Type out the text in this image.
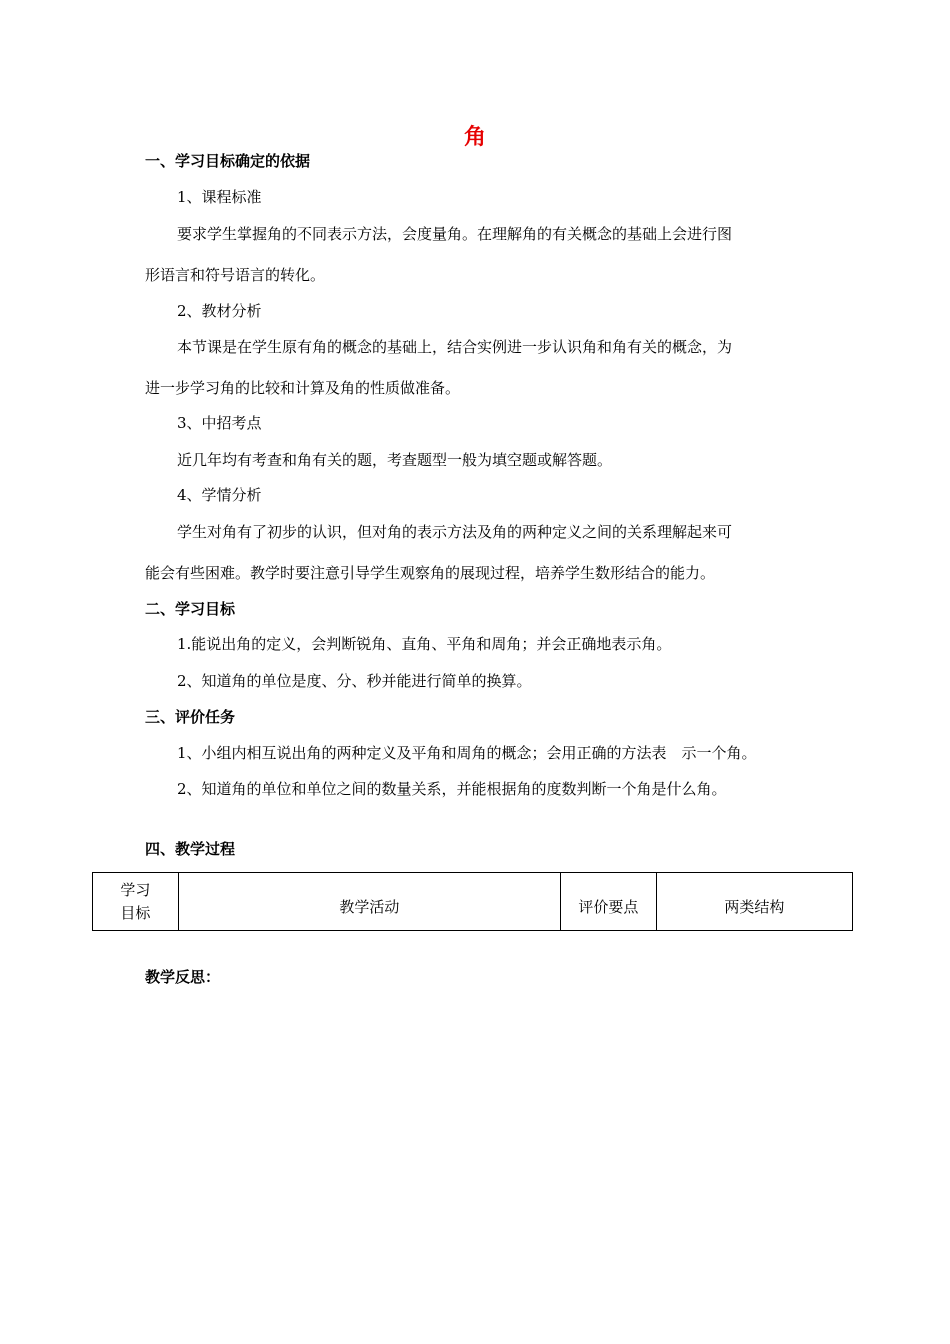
角
一、学习目标确定的依据
1、课程标准
要求学生掌握角的不同表示方法，会度量角。在理解角的有关概念的基础上会进行图
形语言和符号语言的转化。
2、教材分析
本节课是在学生原有角的概念的基础上，结合实例进一步认识角和角有关的概念，为
进一步学习角的比较和计算及角的性质做准备。
3、中招考点
近几年均有考查和角有关的题，考查题型一般为填空题或解答题。
4、学情分析
学生对角有了初步的认识，但对角的表示方法及角的两种定义之间的关系理解起来可
能会有些困难。教学时要注意引导学生观察角的展现过程，培养学生数形结合的能力。
二、学习目标
1.能说出角的定义，会判断锐角、直角、平角和周角；并会正确地表示角。
2、知道角的单位是度、分、秒并能进行简单的换算。
三、评价任务
1、小组内相互说出角的两种定义及平角和周角的概念；会用正确的方法表　示一个角。
2、知道角的单位和单位之间的数量关系，并能根据角的度数判断一个角是什么角。
四、教学过程
学习
目标	教学活动	评价要点	两类结构
教学反思：
